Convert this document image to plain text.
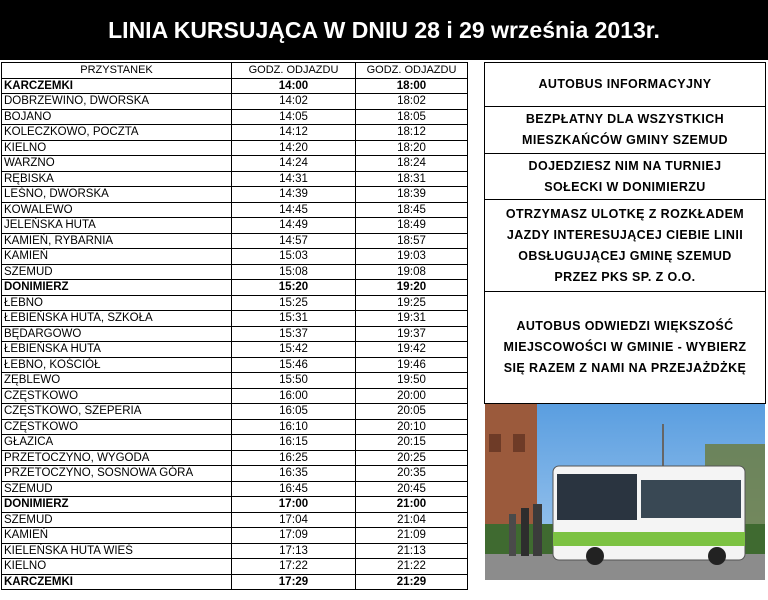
LINIA KURSUJĄCA W DNIU 28 i 29 września 2013r.
PRZYSTANEK	GODZ. ODJAZDU	GODZ. ODJAZDU
KARCZEMKI	14:00	18:00
DOBRZEWINO, DWORSKA	14:02	18:02
BOJANO	14:05	18:05
KOLECZKOWO, POCZTA	14:12	18:12
KIELNO	14:20	18:20
WARZNO	14:24	18:24
RĘBISKA	14:31	18:31
LEŚNO, DWORSKA	14:39	18:39
KOWALEWO	14:45	18:45
JELEŃSKA HUTA	14:49	18:49
KAMIEŃ, RYBARNIA	14:57	18:57
KAMIEŃ	15:03	19:03
SZEMUD	15:08	19:08
DONIMIERZ	15:20	19:20
ŁEBNO	15:25	19:25
ŁEBIEŃSKA HUTA, SZKOŁA	15:31	19:31
BĘDARGOWO	15:37	19:37
ŁEBIEŃSKA HUTA	15:42	19:42
ŁEBNO, KOŚCIÓŁ	15:46	19:46
ZĘBLEWO	15:50	19:50
CZĘSTKOWO	16:00	20:00
CZĘSTKOWO, SZEPERIA	16:05	20:05
CZĘSTKOWO	16:10	20:10
GŁAZICA	16:15	20:15
PRZETOCZYNO, WYGODA	16:25	20:25
PRZETOCZYNO, SOSNOWA GÓRA	16:35	20:35
SZEMUD	16:45	20:45
DONIMIERZ	17:00	21:00
SZEMUD	17:04	21:04
KAMIEŃ	17:09	21:09
KIELEŃSKA HUTA WIEŚ	17:13	21:13
KIELNO	17:22	21:22
KARCZEMKI	17:29	21:29
AUTOBUS INFORMACYJNY
BEZPŁATNY DLA WSZYSTKICH
MIESZKAŃCÓW GMINY SZEMUD
DOJEDZIESZ NIM NA TURNIEJ
SOŁECKI W DONIMIERZU
OTRZYMASZ ULOTKĘ Z ROZKŁADEM
JAZDY INTERESUJĄCEJ CIEBIE LINII
OBSŁUGUJĄCEJ GMINĘ SZEMUD
PRZEZ PKS SP. Z O.O.
AUTOBUS ODWIEDZI WIĘKSZOŚĆ
MIEJSCOWOŚCI W GMINIE - WYBIERZ
SIĘ RAZEM Z NAMI NA PRZEJAŻDŻKĘ
